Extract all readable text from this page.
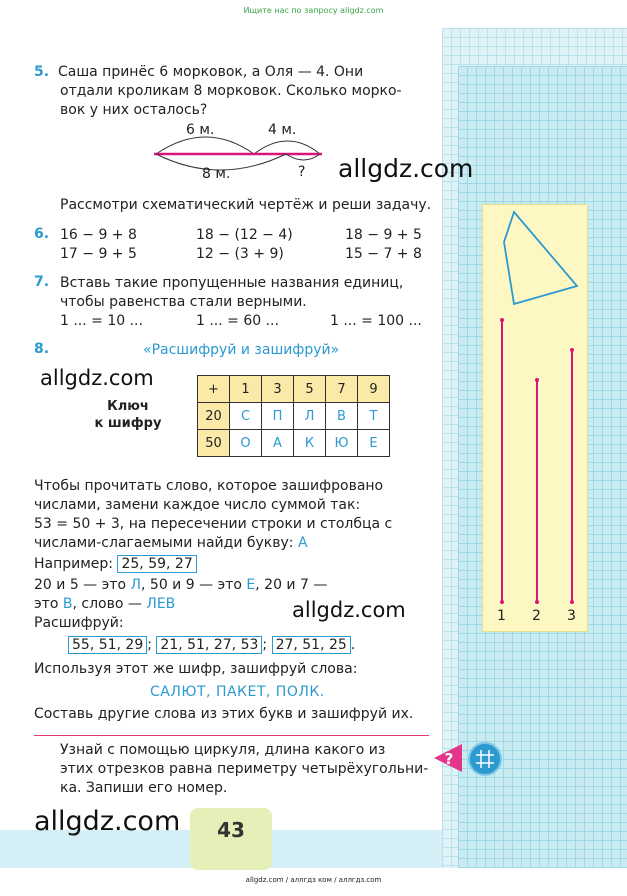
Ищите нас по запросу allgdz.com
5. Саша принёс 6 морковок, а Оля — 4. Они
отдали кроликам 8 морковок. Сколько морко-
вок у них осталось?
6 м.	4 м.
8 м.	? allgdz.com
Рассмотри схематический чертёж и реши задачу.
6. 16 − 9 + 8	18 − (12 − 4)	18 − 9 + 5
17 − 9 + 5	12 − (3 + 9)	15 − 7 + 8
7. Вставь такие пропущенные названия единиц,
чтобы равенства стали верными.
1 ... = 10 ...	1 ... = 60 ...	1 ... = 100 ...
8.	«Расшифруй и зашифруй»
allgdz.com
Ключ
к шифру
+	1	3	5	7	9
20	С	П	Л	В	Т
50	О	А	К	Ю	Е
Чтобы прочитать слово, которое зашифровано
числами, замени каждое число суммой так:
53 = 50 + 3, на пересечении строки и столбца с
числами-слагаемыми найди букву: А
Например: 25, 59, 27
20 и 5 — это Л, 50 и 9 — это Е, 20 и 7 —
это В, слово — ЛЕВ	allgdz.com
Расшифруй:
55, 51, 29 ; 21, 51, 27, 53 ; 27, 51, 25 .
Используя этот же шифр, зашифруй слова:
САЛЮТ, ПАКЕТ, ПОЛК.
Составь другие слова из этих букв и зашифруй их.
Узнай с помощью циркуля, длина какого из
этих отрезков равна периметру четырёхугольни-
ка. Запиши его номер.
?
1 2 3
allgdz.com	43
allgdz.com / аллгдз ком / аллгдз.com
